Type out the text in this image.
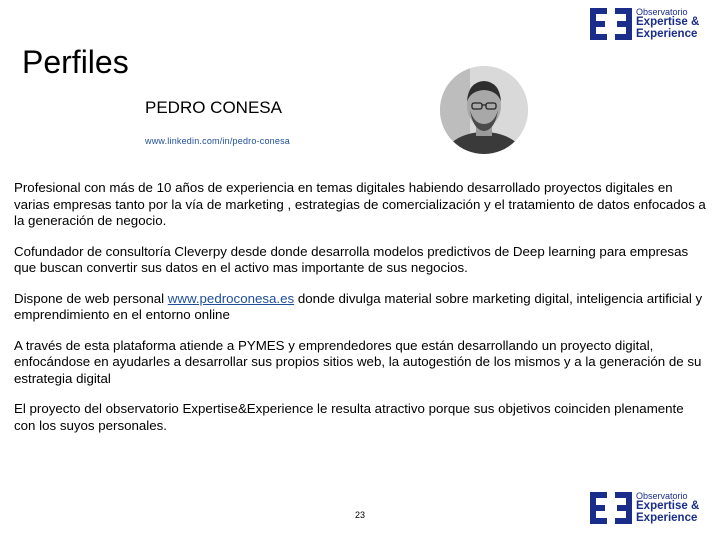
Observatorio
Expertise &
Experience
Perfiles
PEDRO CONESA
www.linkedin.com/in/pedro-conesa

Profesional con más de 10 años de experiencia en temas digitales habiendo desarrollado proyectos digitales en varias empresas tanto por la vía de marketing , estrategias de comercialización y el tratamiento de datos enfocados a la generación de negocio.

Cofundador de consultoría Cleverpy desde donde desarrolla modelos predictivos de Deep learning para empresas que buscan convertir sus datos en el activo mas importante de sus negocios.

Dispone de web personal www.pedroconesa.es donde divulga material sobre marketing digital, inteligencia artificial y emprendimiento en el entorno online

A través de esta plataforma atiende a PYMES y emprendedores que están desarrollando un proyecto digital, enfocándose en ayudarles a desarrollar sus propios sitios web, la autogestión de los mismos y a la generación de su estrategia digital

El proyecto del observatorio Expertise&Experience le resulta atractivo porque sus objetivos coinciden plenamente con los suyos personales.

23
Observatorio
Expertise &
Experience
